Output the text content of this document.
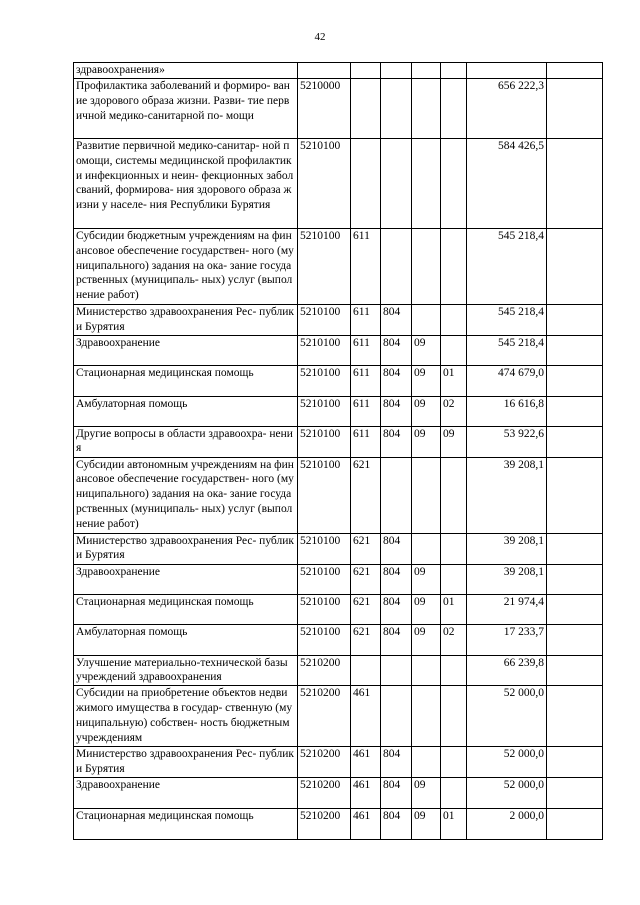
42
здравоохранения»							
Профилактика заболеваний и формиро- вание здорового образа жизни. Разви- тие первичной медико-санитарной по- мощи	5210000					656 222,3	
Развитие первичной медико-санитар- ной помощи, системы медицинской профилактики инфекционных и неин- фекционных заболсваний, формирова- ния здорового образа жизни у населе- ния Республики Бурятия	5210100					584 426,5	
Субсидии бюджетным учреждениям на финансовое обеспечение государствен- ного (муниципального) задания на ока- зание государственных (муниципаль- ных) услуг (выполнение работ)	5210100	611				545 218,4	
Министерство здравоохранения Рес- публики Бурятия	5210100	611	804			545 218,4	
Здравоохранение	5210100	611	804	09		545 218,4	
Стационарная медицинская помощь	5210100	611	804	09	01	474 679,0	
Амбулаторная помощь	5210100	611	804	09	02	16 616,8	
Другие вопросы в области здравоохра- нения	5210100	611	804	09	09	53 922,6	
Субсидии автономным учреждениям на финансовое обеспечение государствен- ного (муниципального) задания на ока- зание государственных (муниципаль- ных) услуг (выполнение работ)	5210100	621				39 208,1	
Министерство здравоохранения Рес- публики Бурятия	5210100	621	804			39 208,1	
Здравоохранение	5210100	621	804	09		39 208,1	
Стационарная медицинская помощь	5210100	621	804	09	01	21 974,4	
Амбулаторная помощь	5210100	621	804	09	02	17 233,7	
Улучшение материально-технической базы учреждений здравоохранения	5210200					66 239,8	
Субсидии на приобретение объектов недвижимого имущества в государ- ственную (муниципальную) собствен- ность бюджетным учреждениям	5210200	461				52 000,0	
Министерство здравоохранения Рес- публики Бурятия	5210200	461	804			52 000,0	
Здравоохранение	5210200	461	804	09		52 000,0	
Стационарная медицинская помощь	5210200	461	804	09	01	2 000,0	
